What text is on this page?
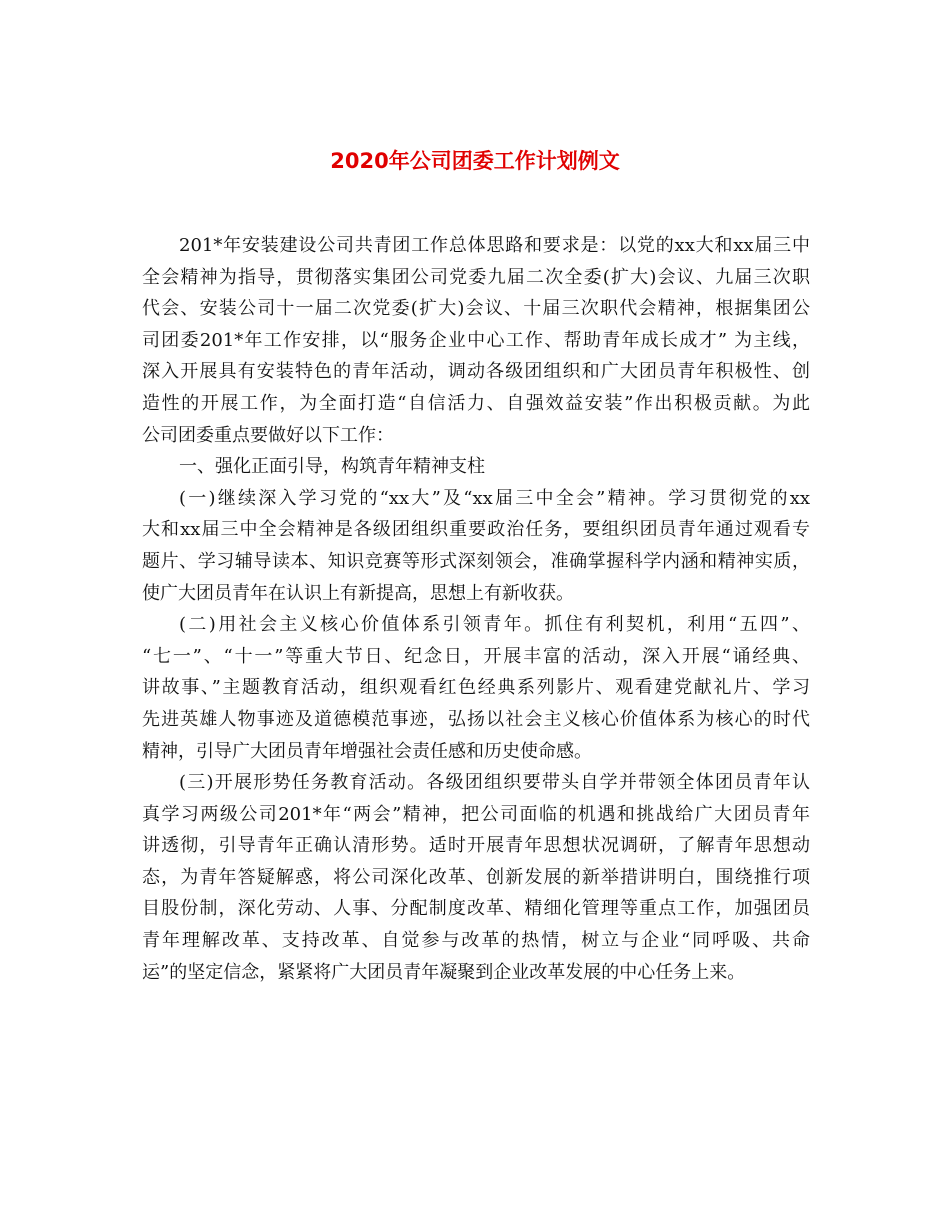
2020年公司团委工作计划例文
201*年安装建设公司共青团工作总体思路和要求是：以党的xx大和xx届三中
全会精神为指导，贯彻落实集团公司党委九届二次全委(扩大)会议、九届三次职
代会、安装公司十一届二次党委(扩大)会议、十届三次职代会精神，根据集团公
司团委201*年工作安排，以“服务企业中心工作、帮助青年成长成才” 为主线，
深入开展具有安装特色的青年活动，调动各级团组织和广大团员青年积极性、创
造性的开展工作，为全面打造“自信活力、自强效益安装”作出积极贡献。为此
公司团委重点要做好以下工作：
一、强化正面引导，构筑青年精神支柱
(一)继续深入学习党的“xx大”及“xx届三中全会”精神。学习贯彻党的xx
大和xx届三中全会精神是各级团组织重要政治任务，要组织团员青年通过观看专
题片、学习辅导读本、知识竞赛等形式深刻领会，准确掌握科学内涵和精神实质，
使广大团员青年在认识上有新提高，思想上有新收获。
(二)用社会主义核心价值体系引领青年。抓住有利契机，利用“五四”、
“七一”、“十一”等重大节日、纪念日，开展丰富的活动，深入开展“诵经典、
讲故事、”主题教育活动，组织观看红色经典系列影片、观看建党献礼片、学习
先进英雄人物事迹及道德模范事迹，弘扬以社会主义核心价值体系为核心的时代
精神，引导广大团员青年增强社会责任感和历史使命感。
(三)开展形势任务教育活动。各级团组织要带头自学并带领全体团员青年认
真学习两级公司201*年“两会”精神，把公司面临的机遇和挑战给广大团员青年
讲透彻，引导青年正确认清形势。适时开展青年思想状况调研，了解青年思想动
态，为青年答疑解惑，将公司深化改革、创新发展的新举措讲明白，围绕推行项
目股份制，深化劳动、人事、分配制度改革、精细化管理等重点工作，加强团员
青年理解改革、支持改革、自觉参与改革的热情，树立与企业“同呼吸、共命
运”的坚定信念，紧紧将广大团员青年凝聚到企业改革发展的中心任务上来。
